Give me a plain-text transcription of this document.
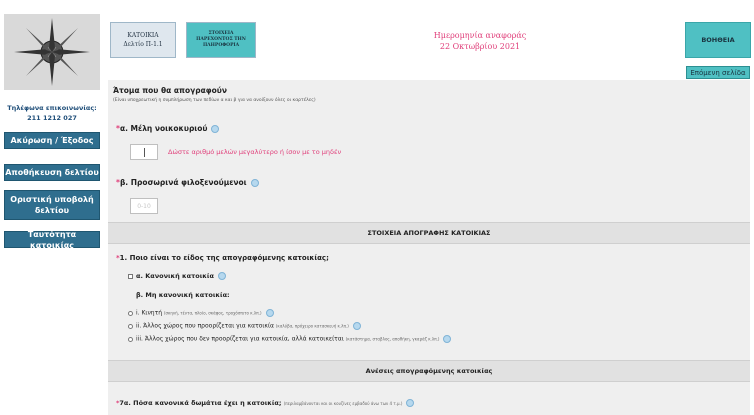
Τηλέφωνα επικοινωνίας:
211 1212 027
Ακύρωση / Έξοδος
Αποθήκευση δελτίου
Οριστική υποβολή δελτίου
Ταυτότητα κατοικίας
ΚΑΤΟΙΚΙΑ
Δελτίο Π-1.1
ΣΤΟΙΧΕΙΑ ΠΑΡΕΧΟΝΤΟΣ ΤΗΝ ΠΛΗΡΟΦΟΡΙΑ
Ημερομηνία αναφοράς
22 Οκτωβρίου 2021
ΒΟΗΘΕΙΑ
Επόμενη σελίδα
Άτομα που θα απογραφούν
(Είναι υποχρεωτική η συμπλήρωση των πεδίων α και β για να ανοίξουν όλες οι καρτέλες)
*α. Μέλη νοικοκυριού
Δώστε αριθμό μελών μεγαλύτερο ή ίσον με το μηδέν
*β. Προσωρινά φιλοξενούμενοι
0-10
ΣΤΟΙΧΕΙΑ ΑΠΟΓΡΑΦΗΣ ΚΑΤΟΙΚΙΑΣ
*1. Ποιο είναι το είδος της απογραφόμενης κατοικίας;
α. Κανονική κατοικία
β. Μη κανονική κατοικία:
i. Κινητή (σκηνή, τέντα, πλοίο, σκάφος, τροχόσπιτο κ.λπ.)
ii. Άλλος χώρος που προορίζεται για κατοικία (καλύβα, πρόχειρο κατασκευή κ.λπ.)
iii. Άλλος χώρος που δεν προορίζεται για κατοικία, αλλά κατοικείται (κατάστημα, σταβλος, αποθήκη, γκαράζ κ.λπ.)
Ανέσεις απογραφόμενης κατοικίας
*7α. Πόσα κανονικά δωμάτια έχει η κατοικία; (περιλαμβάνονται και οι κουζίνες εμβαδού άνω των 4 τ.μ.)
